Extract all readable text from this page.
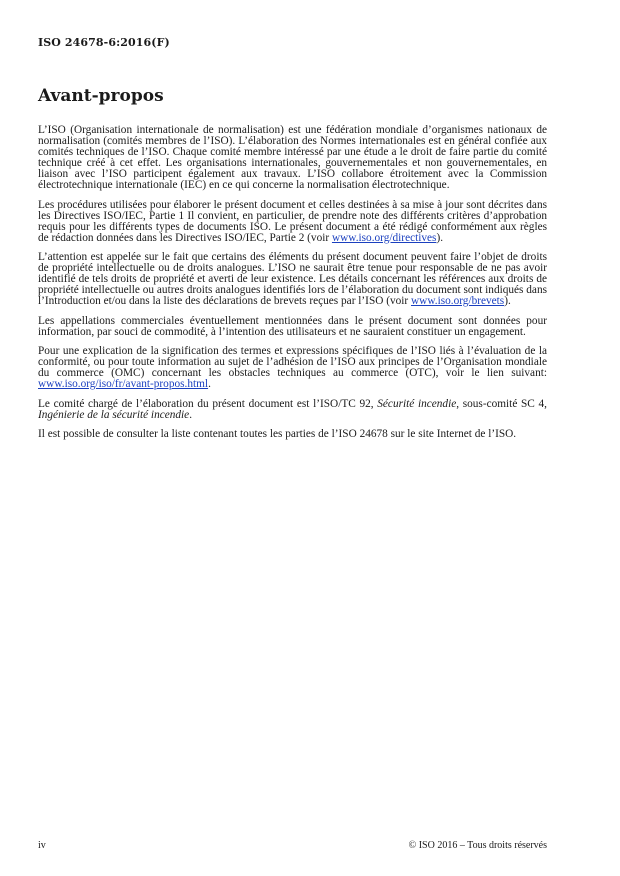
ISO 24678-6:2016(F)
Avant-propos

L’ISO (Organisation internationale de normalisation) est une fédération mondiale d’organismes nationaux de normalisation (comités membres de l’ISO). L’élaboration des Normes internationales est en général confiée aux comités techniques de l’ISO. Chaque comité membre intéressé par une étude a le droit de faire partie du comité technique créé à cet effet. Les organisations internationales, gouvernementales et non gouvernementales, en liaison avec l’ISO participent également aux travaux. L’ISO collabore étroitement avec la Commission électrotechnique internationale (IEC) en ce qui concerne la normalisation électrotechnique.

Les procédures utilisées pour élaborer le présent document et celles destinées à sa mise à jour sont décrites dans les Directives ISO/IEC, Partie 1 Il convient, en particulier, de prendre note des différents critères d’approbation requis pour les différents types de documents ISO. Le présent document a été rédigé conformément aux règles de rédaction données dans les Directives ISO/IEC, Partie 2 (voir www.iso.org/directives).

L’attention est appelée sur le fait que certains des éléments du présent document peuvent faire l’objet de droits de propriété intellectuelle ou de droits analogues. L’ISO ne saurait être tenue pour responsable de ne pas avoir identifié de tels droits de propriété et averti de leur existence. Les détails concernant les références aux droits de propriété intellectuelle ou autres droits analogues identifiés lors de l’élaboration du document sont indiqués dans l’Introduction et/ou dans la liste des déclarations de brevets reçues par l’ISO (voir www.iso.org/brevets).

Les appellations commerciales éventuellement mentionnées dans le présent document sont données pour information, par souci de commodité, à l’intention des utilisateurs et ne sauraient constituer un engagement.

Pour une explication de la signification des termes et expressions spécifiques de l’ISO liés à l’évaluation de la conformité, ou pour toute information au sujet de l’adhésion de l’ISO aux principes de l’Organisation mondiale du commerce (OMC) concernant les obstacles techniques au commerce (OTC), voir le lien suivant: www.iso.org/iso/fr/avant-propos.html.

Le comité chargé de l’élaboration du présent document est l’ISO/TC 92, Sécurité incendie, sous-comité SC 4, Ingénierie de la sécurité incendie.

Il est possible de consulter la liste contenant toutes les parties de l’ISO 24678 sur le site Internet de l’ISO.

iv	© ISO 2016 – Tous droits réservés
